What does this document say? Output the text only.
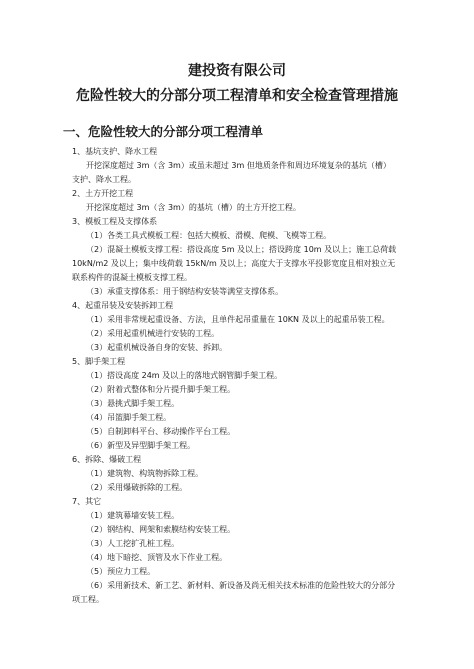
建投资有限公司
危险性较大的分部分项工程清单和安全检查管理措施
一、危险性较大的分部分项工程清单
1、基坑支护、降水工程
开挖深度超过 3m（含 3m）或虽未超过 3m 但地质条件和周边环境复杂的基坑（槽）
支护、降水工程。
2、土方开挖工程
开挖深度超过 3m（含 3m）的基坑（槽）的土方开挖工程。
3、模板工程及支撑体系
（1）各类工具式模板工程：包括大模板、滑模、爬模、飞模等工程。
（2）混凝土模板支撑工程：搭设高度 5m 及以上；搭设跨度 10m 及以上；施工总荷载
10kN/m2 及以上；集中线荷载 15kN/m 及以上；高度大于支撑水平投影宽度且相对独立无
联系构件的混凝土模板支撑工程。
（3）承重支撑体系：用于钢结构安装等满堂支撑体系。
4、起重吊装及安装拆卸工程
（1）采用非常规起重设备、方法，且单件起吊重量在 10KN 及以上的起重吊装工程。
（2）采用起重机械进行安装的工程。
（3）起重机械设备自身的安装、拆卸。
5、脚手架工程
（1）搭设高度 24m 及以上的落地式钢管脚手架工程。
（2）附着式整体和分片提升脚手架工程。
（3）悬挑式脚手架工程。
（4）吊篮脚手架工程。
（5）自制卸料平台、移动操作平台工程。
（6）新型及异型脚手架工程。
6、拆除、爆破工程
（1）建筑物、构筑物拆除工程。
（2）采用爆破拆除的工程。
7、其它
（1）建筑幕墙安装工程。
（2）钢结构、网架和索膜结构安装工程。
（3）人工挖扩孔桩工程。
（4）地下暗挖、顶管及水下作业工程。
（5）预应力工程。
（6）采用新技术、新工艺、新材料、新设备及尚无相关技术标准的危险性较大的分部分
项工程。
